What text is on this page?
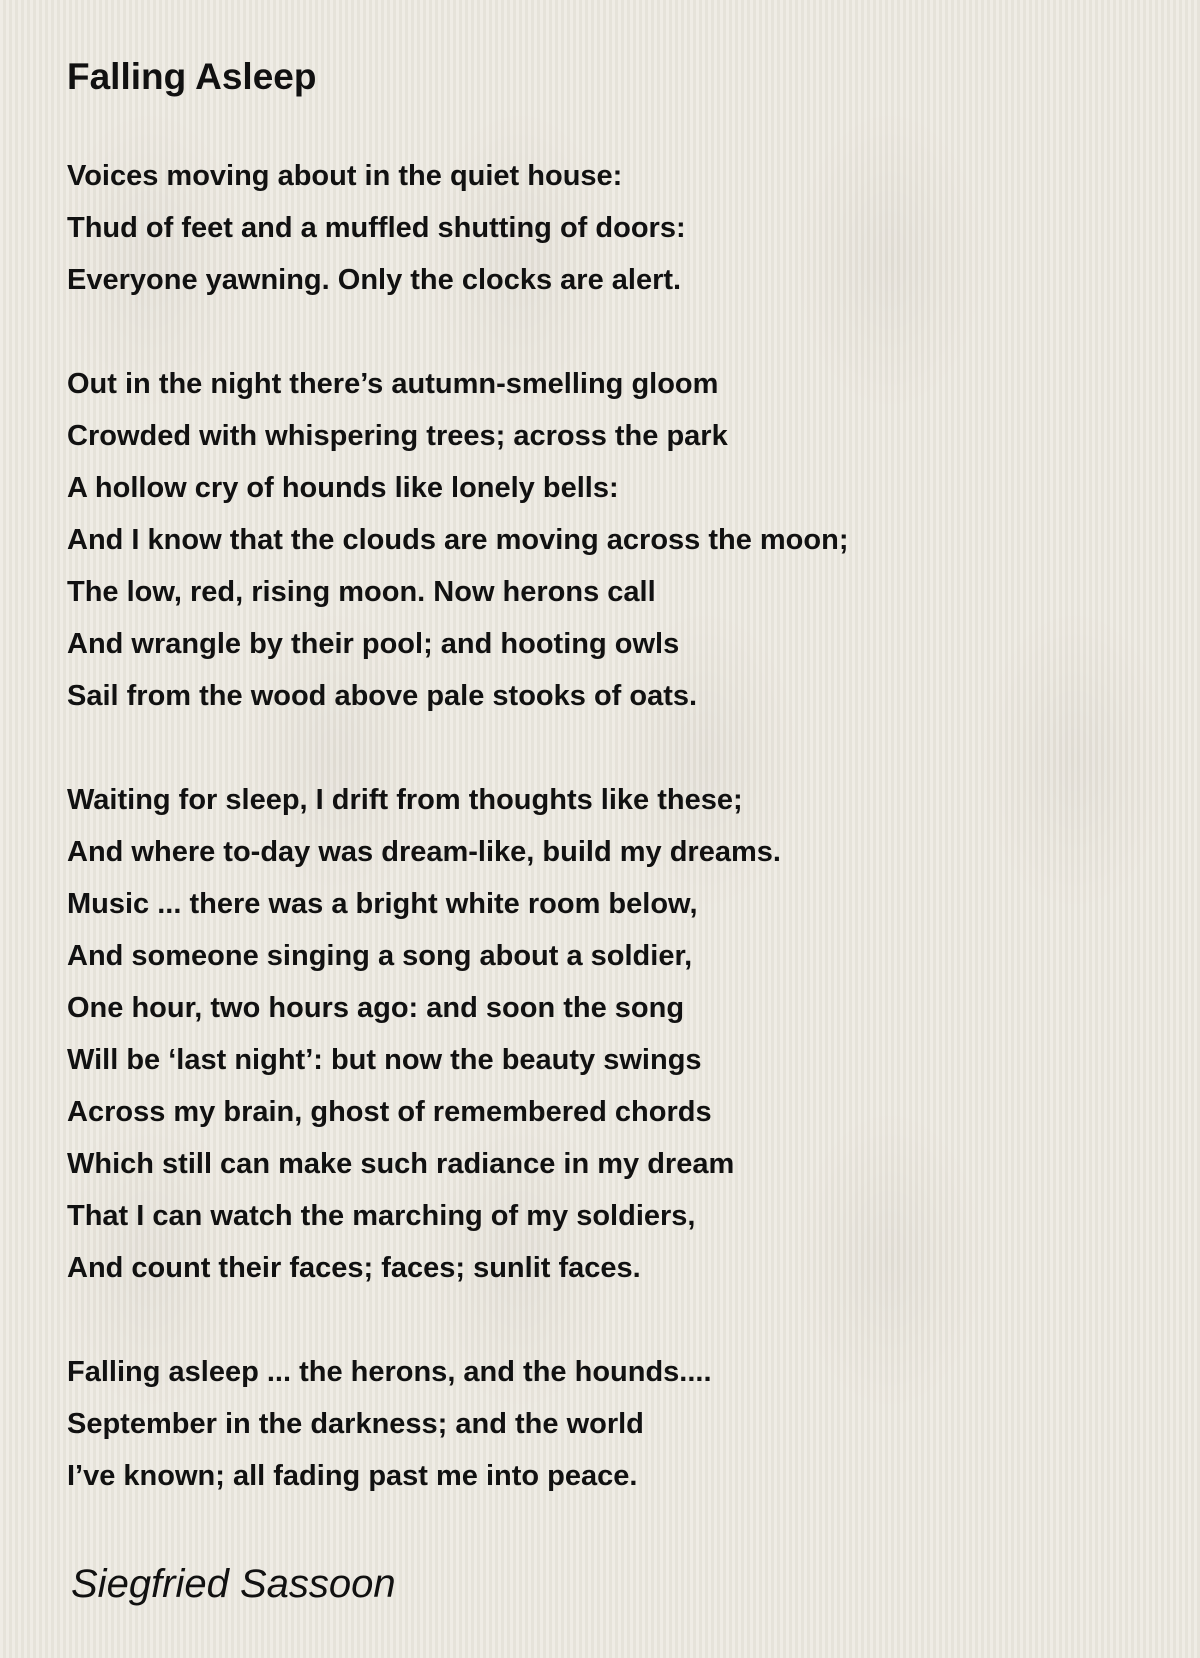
Falling Asleep
Voices moving about in the quiet house:
Thud of feet and a muffled shutting of doors:
Everyone yawning. Only the clocks are alert.
Out in the night there’s autumn-smelling gloom
Crowded with whispering trees; across the park
A hollow cry of hounds like lonely bells:
And I know that the clouds are moving across the moon;
The low, red, rising moon. Now herons call
And wrangle by their pool; and hooting owls
Sail from the wood above pale stooks of oats.
Waiting for sleep, I drift from thoughts like these;
And where to-day was dream-like, build my dreams.
Music ... there was a bright white room below,
And someone singing a song about a soldier,
One hour, two hours ago: and soon the song
Will be ‘last night’: but now the beauty swings
Across my brain, ghost of remembered chords
Which still can make such radiance in my dream
That I can watch the marching of my soldiers,
And count their faces; faces; sunlit faces.
Falling asleep ... the herons, and the hounds....
September in the darkness; and the world
I’ve known; all fading past me into peace.
Siegfried Sassoon
